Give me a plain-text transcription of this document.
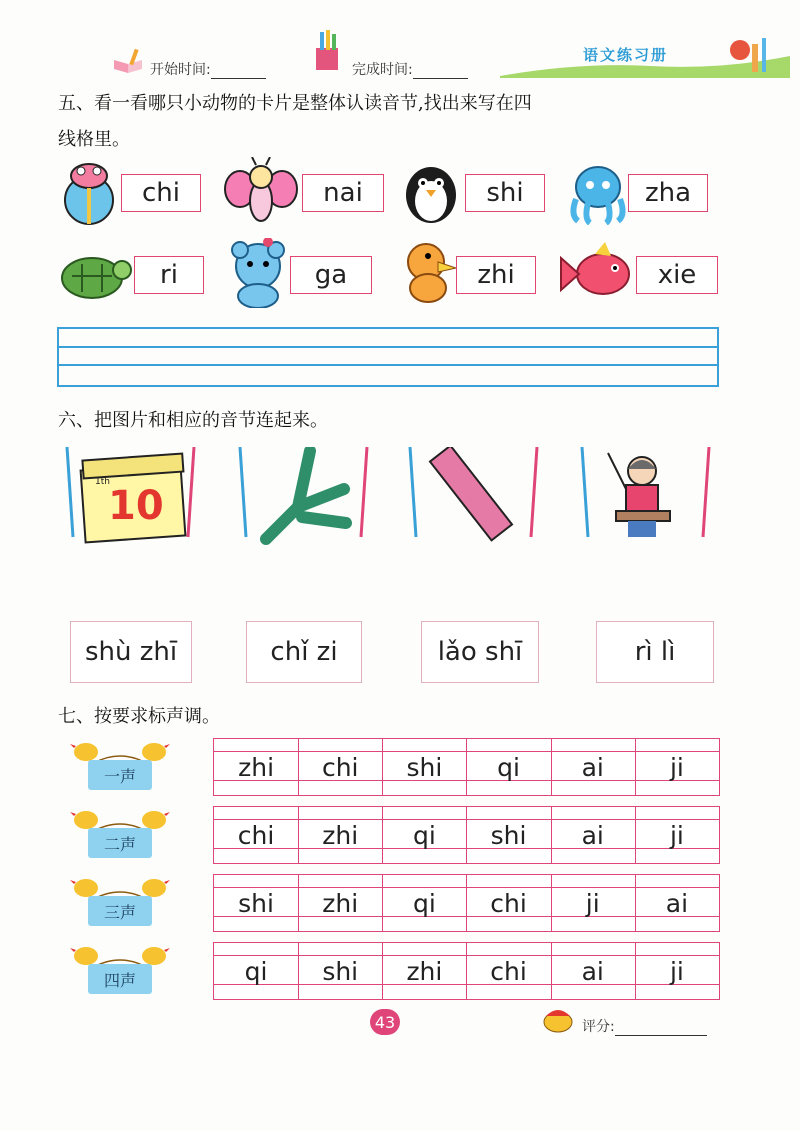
开始时间:	完成时间:
语文练习册
五、看一看哪只小动物的卡片是整体认读音节,找出来写在四
线格里。
chi	nai	shi	zha
ri	ga	zhi	xie
六、把图片和相应的音节连起来。
10
1th
shù zhī	chǐ zi	lǎo shī	rì lì
七、按要求标声调。
一声	zhi	chi	shi	qi	ai	ji
二声	chi	zhi	qi	shi	ai	ji
三声	shi	zhi	qi	chi	ji	ai
四声	qi	shi	zhi	chi	ai	ji
43	评分:
